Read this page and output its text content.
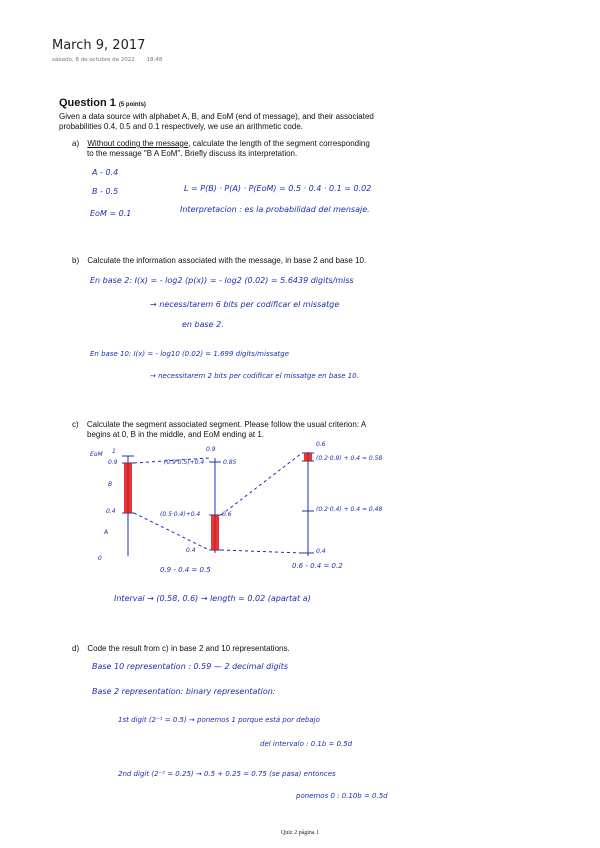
March 9, 2017
sábado, 8 de octubre de 2022 18:48
Question 1 (5 points)
Given a data source with alphabet A, B, and EoM (end of message), and their associated
probabilities 0.4, 0.5 and 0.1 respectively, we use an arithmetic code.
a) Without coding the message, calculate the length of the segment corresponding
to the message "B A EoM". Briefly discuss its interpretation.
A - 0.4
B - 0.5
EoM = 0.1
L = P(B) · P(A) · P(EoM) = 0.5 · 0.4 · 0.1 = 0.02
Interpretacion : es la probabilidad del mensaje.
b) Calculate the information associated with the message, in base 2 and base 10.
En base 2: I(x) = - log2 (p(x)) = - log2 (0.02) = 5.6439 digits/miss
→ necessitarem 6 bits per codificar el missatge
en base 2.
En base 10: I(x) = - log10 (0.02) = 1.699 digits/missatge
→ necessitarem 2 bits per codificar el missatge en base 10.
c) Calculate the segment associated segment. Please follow the usual criterion: A
begins at 0, B in the middle, and EoM ending at 1.
EoM 1
0.9
B
0.4
A
0
0.9
(0.9·0.5)+0.4	0.85
(0.5·0.4)+0.4	0.6
0.4
0.6
(0.2·0.9) + 0.4 = 0.58
(0.2·0.4) + 0.4 = 0.48
0.4
0.9 - 0.4 = 0.5	0.6 - 0.4 = 0.2
Interval → (0.58, 0.6) → length = 0.02 (apartat a)
d) Code the result from c) in base 2 and 10 representations.
Base 10 representation : 0.59 — 2 decimal digits
Base 2 representation: binary representation:
1st digit (2⁻¹ = 0.5) → ponemos 1 porque está por debajo
del intervalo : 0.1b = 0.5d
2nd digit (2⁻² = 0.25) → 0.5 + 0.25 = 0.75 (se pasa) entonces
ponemos 0 : 0.10b = 0.5d
Quiz 2 página 1
